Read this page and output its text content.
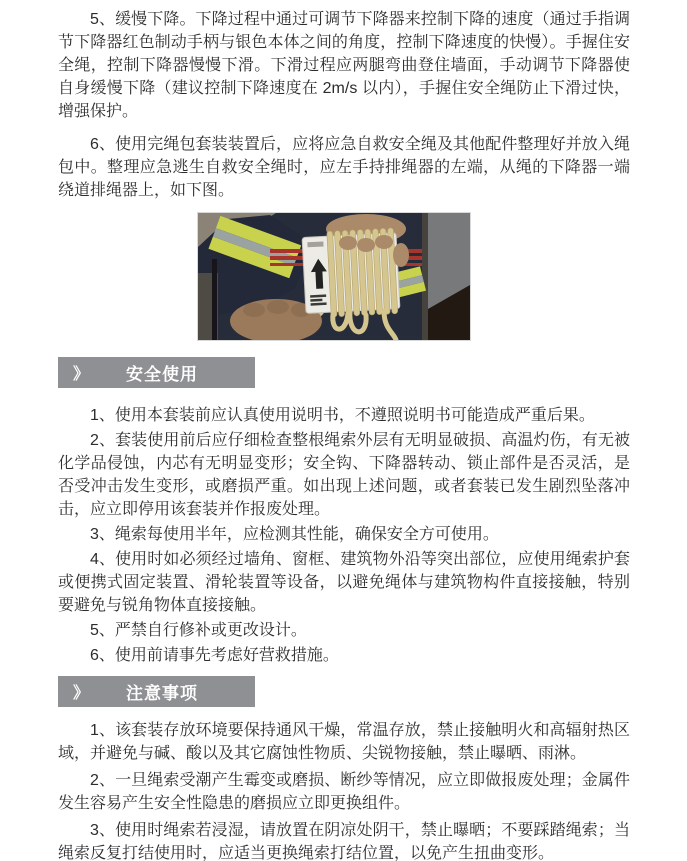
5、缓慢下降。下降过程中通过可调节下降器来控制下降的速度（通过手指调节下降器红色制动手柄与银色本体之间的角度，控制下降速度的快慢）。手握住安全绳，控制下降器慢慢下滑。下滑过程应两腿弯曲登住墙面，手动调节下降器使自身缓慢下降（建议控制下降速度在 2m/s 以内），手握住安全绳防止下滑过快，增强保护。

6、使用完绳包套装装置后，应将应急自救安全绳及其他配件整理好并放入绳包中。整理应急逃生自救安全绳时，应左手持排绳器的左端，从绳的下降器一端绕道排绳器上，如下图。

》 安全使用

1、使用本套装前应认真使用说明书，不遵照说明书可能造成严重后果。

2、套装使用前后应仔细检查整根绳索外层有无明显破损、高温灼伤，有无被化学品侵蚀，内芯有无明显变形；安全钩、下降器转动、锁止部件是否灵活，是否受冲击发生变形，或磨损严重。如出现上述问题，或者套装已发生剧烈坠落冲击，应立即停用该套装并作报废处理。

3、绳索每使用半年，应检测其性能，确保安全方可使用。

4、使用时如必须经过墙角、窗框、建筑物外沿等突出部位，应使用绳索护套或便携式固定装置、滑轮装置等设备，以避免绳体与建筑物构件直接接触，特别要避免与锐角物体直接接触。

5、严禁自行修补或更改设计。

6、使用前请事先考虑好营救措施。

》 注意事项

1、该套装存放环境要保持通风干燥，常温存放，禁止接触明火和高辐射热区域，并避免与碱、酸以及其它腐蚀性物质、尖锐物接触，禁止曝晒、雨淋。

2、一旦绳索受潮产生霉变或磨损、断纱等情况，应立即做报废处理；金属件发生容易产生安全性隐患的磨损应立即更换组件。

3、使用时绳索若浸湿，请放置在阴凉处阴干，禁止曝晒；不要踩踏绳索；当绳索反复打结使用时，应适当更换绳索打结位置，以免产生扭曲变形。
